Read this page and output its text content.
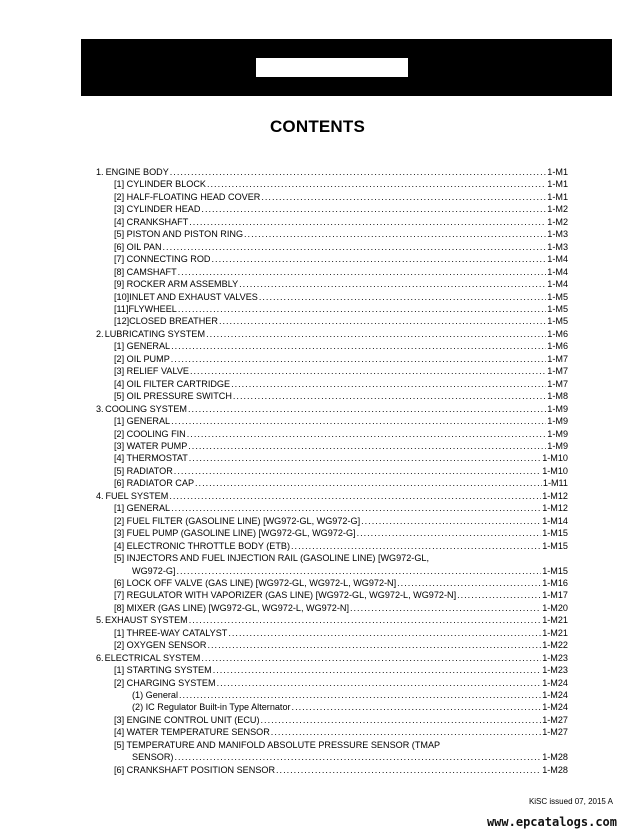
CONTENTS
1. ENGINE BODY .....	1-M1
[1] CYLINDER BLOCK .....	1-M1
[2] HALF-FLOATING HEAD COVER .....	1-M1
[3] CYLINDER HEAD .....	1-M2
[4] CRANKSHAFT .....	1-M2
[5] PISTON AND PISTON RING .....	1-M3
[6] OIL PAN .....	1-M3
[7] CONNECTING ROD .....	1-M4
[8] CAMSHAFT .....	1-M4
[9] ROCKER ARM ASSEMBLY .....	1-M4
[10]INLET AND EXHAUST VALVES .....	1-M5
[11]FLYWHEEL .....	1-M5
[12]CLOSED BREATHER .....	1-M5
2. LUBRICATING SYSTEM .....	1-M6
[1] GENERAL .....	1-M6
[2] OIL PUMP .....	1-M7
[3] RELIEF VALVE .....	1-M7
[4] OIL FILTER CARTRIDGE .....	1-M7
[5] OIL PRESSURE SWITCH .....	1-M8
3. COOLING SYSTEM .....	1-M9
[1] GENERAL .....	1-M9
[2] COOLING FIN .....	1-M9
[3] WATER PUMP .....	1-M9
[4] THERMOSTAT .....	1-M10
[5] RADIATOR .....	1-M10
[6] RADIATOR CAP .....	1-M11
4. FUEL SYSTEM .....	1-M12
[1] GENERAL .....	1-M12
[2] FUEL FILTER (GASOLINE LINE) [WG972-GL, WG972-G] .....	1-M14
[3] FUEL PUMP (GASOLINE LINE) [WG972-GL, WG972-G] .....	1-M15
[4] ELECTRONIC THROTTLE BODY (ETB) .....	1-M15
[5] INJECTORS AND FUEL INJECTION RAIL (GASOLINE LINE) [WG972-GL,
WG972-G] .....	1-M15
[6] LOCK OFF VALVE (GAS LINE) [WG972-GL, WG972-L, WG972-N] .....	1-M16
[7] REGULATOR WITH VAPORIZER (GAS LINE) [WG972-GL, WG972-L, WG972-N] .....	1-M17
[8] MIXER (GAS LINE) [WG972-GL, WG972-L, WG972-N] .....	1-M20
5. EXHAUST SYSTEM .....	1-M21
[1] THREE-WAY CATALYST .....	1-M21
[2] OXYGEN SENSOR .....	1-M22
6. ELECTRICAL SYSTEM .....	1-M23
[1] STARTING SYSTEM .....	1-M23
[2] CHARGING SYSTEM .....	1-M24
(1) General .....	1-M24
(2) IC Regulator Built-in Type Alternator .....	1-M24
[3] ENGINE CONTROL UNIT (ECU) .....	1-M27
[4] WATER TEMPERATURE SENSOR .....	1-M27
[5] TEMPERATURE AND MANIFOLD ABSOLUTE PRESSURE SENSOR (TMAP
SENSOR) .....	1-M28
[6] CRANKSHAFT POSITION SENSOR .....	1-M28
KiSC issued 07, 2015 A
www.epcatalogs.com
